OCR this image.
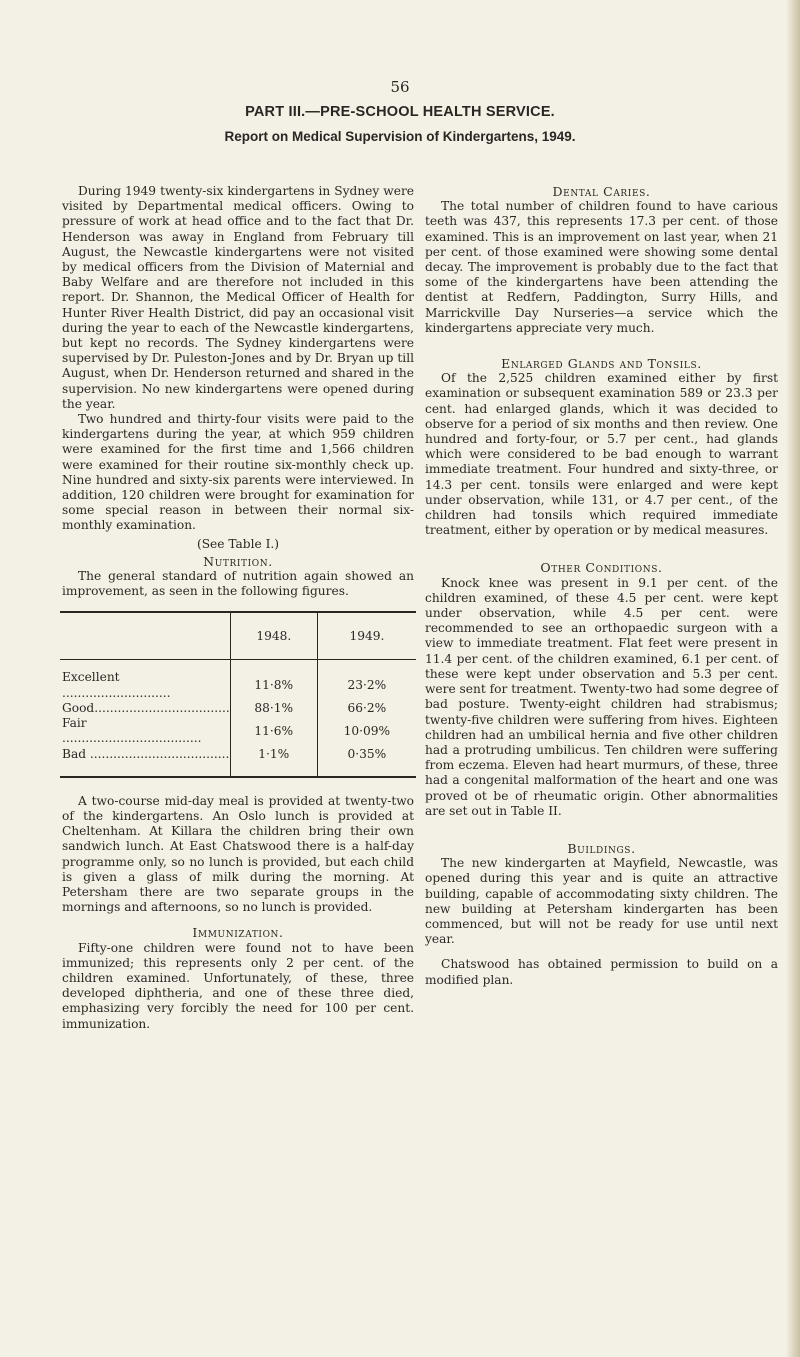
56
PART III.—PRE-SCHOOL HEALTH SERVICE.
Report on Medical Supervision of Kindergartens, 1949.

During 1949 twenty-six kindergartens in Sydney were visited by Departmental medical officers. Owing to pressure of work at head office and to the fact that Dr. Henderson was away in England from February till August, the Newcastle kindergartens were not visited by medical officers from the Division of Maternial and Baby Welfare and are therefore not included in this report. Dr. Shannon, the Medical Officer of Health for Hunter River Health District, did pay an occasional visit during the year to each of the Newcastle kindergartens, but kept no records. The Sydney kindergartens were supervised by Dr. Puleston-Jones and by Dr. Bryan up till August, when Dr. Henderson returned and shared in the supervision. No new kindergartens were opened during the year.

Two hundred and thirty-four visits were paid to the kindergartens during the year, at which 959 children were examined for the first time and 1,566 children were examined for their routine six-monthly check up. Nine hundred and sixty-six parents were interviewed. In addition, 120 children were brought for examination for some special reason in between their normal six-monthly examination.

(See Table I.)
Nutrition.

The general standard of nutrition again showed an improvement, as seen in the following figures.

	1948.	1949.
Excellent ............................	11·8%	23·2%
Good...................................	88·1%	66·2%
Fair ....................................	11·6%	10·09%
Bad ....................................	1·1%	0·35%

A two-course mid-day meal is provided at twenty-two of the kindergartens. An Oslo lunch is provided at Cheltenham. At Killara the children bring their own sandwich lunch. At East Chatswood there is a half-day programme only, so no lunch is provided, but each child is given a glass of milk during the morning. At Petersham there are two separate groups in the mornings and afternoons, so no lunch is provided.

Immunization.

Fifty-one children were found not to have been immunized; this represents only 2 per cent. of the children examined. Unfortunately, of these, three developed diphtheria, and one of these three died, emphasizing very forcibly the need for 100 per cent. immunization.

Dental Caries.

The total number of children found to have carious teeth was 437, this represents 17.3 per cent. of those examined. This is an improvement on last year, when 21 per cent. of those examined were showing some dental decay. The improvement is probably due to the fact that some of the kindergartens have been attending the dentist at Redfern, Paddington, Surry Hills, and Marrickville Day Nurseries—a service which the kindergartens appreciate very much.

Enlarged Glands and Tonsils.

Of the 2,525 children examined either by first examination or subsequent examination 589 or 23.3 per cent. had enlarged glands, which it was decided to observe for a period of six months and then review. One hundred and forty-four, or 5.7 per cent., had glands which were considered to be bad enough to warrant immediate treatment. Four hundred and sixty-three, or 14.3 per cent. tonsils were enlarged and were kept under observation, while 131, or 4.7 per cent., of the children had tonsils which required immediate treatment, either by operation or by medical measures.

Other Conditions.

Knock knee was present in 9.1 per cent. of the children examined, of these 4.5 per cent. were kept under observation, while 4.5 per cent. were recommended to see an orthopaedic surgeon with a view to immediate treatment. Flat feet were present in 11.4 per cent. of the children examined, 6.1 per cent. of these were kept under observation and 5.3 per cent. were sent for treatment. Twenty-two had some degree of bad posture. Twenty-eight children had strabismus; twenty-five children were suffering from hives. Eighteen children had an umbilical hernia and five other children had a protruding umbilicus. Ten children were suffering from eczema. Eleven had heart murmurs, of these, three had a congenital malformation of the heart and one was proved ot be of rheumatic origin. Other abnormalities are set out in Table II.

Buildings.

The new kindergarten at Mayfield, Newcastle, was opened during this year and is quite an attractive building, capable of accommodating sixty children. The new building at Petersham kindergarten has been commenced, but will not be ready for use until next year.

Chatswood has obtained permission to build on a modified plan.
